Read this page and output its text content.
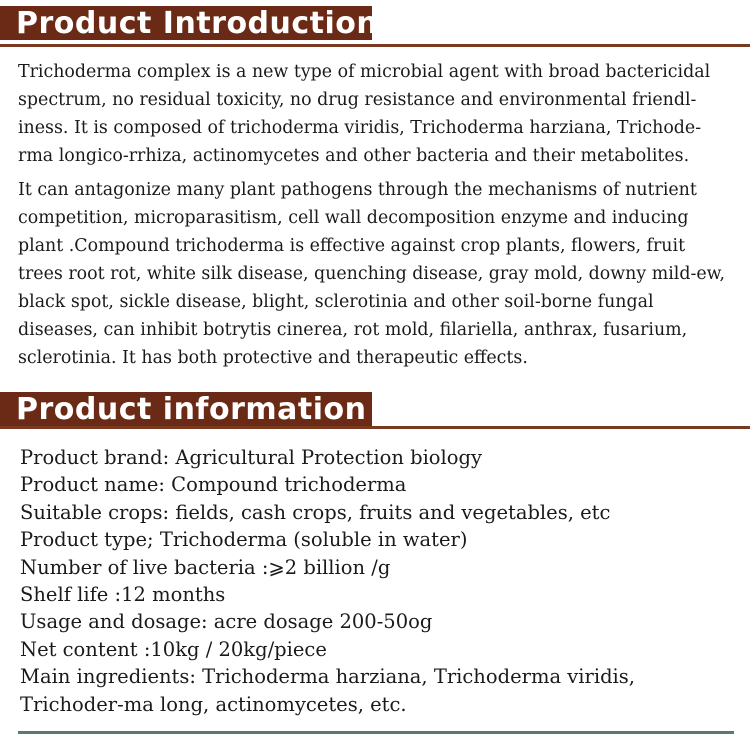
Product Introduction

Trichoderma complex is a new type of microbial agent with broad bactericidal spectrum, no residual toxicity, no drug resistance and environmental friendl-iness. It is composed of trichoderma viridis, Trichoderma harziana, Trichode-rma longico-rrhiza, actinomycetes and other bacteria and their metabolites.

It can antagonize many plant pathogens through the mechanisms of nutrient competition, microparasitism, cell wall decomposition enzyme and inducing plant .Compound trichoderma is effective against crop plants, flowers, fruit trees root rot, white silk disease, quenching disease, gray mold, downy mild-ew, black spot, sickle disease, blight, sclerotinia and other soil-borne fungal diseases, can inhibit botrytis cinerea, rot mold, filariella, anthrax, fusarium, sclerotinia. It has both protective and therapeutic effects.

Product information
Product brand: Agricultural Protection biology
Product name: Compound trichoderma
Suitable crops: fields, cash crops, fruits and vegetables, etc
Product type; Trichoderma (soluble in water)
Number of live bacteria :⩾2 billion /g
Shelf life :12 months
Usage and dosage: acre dosage 200-50og
Net content :10kg / 20kg/piece
Main ingredients: Trichoderma harziana, Trichoderma viridis,
Trichoder-ma long, actinomycetes, etc.
